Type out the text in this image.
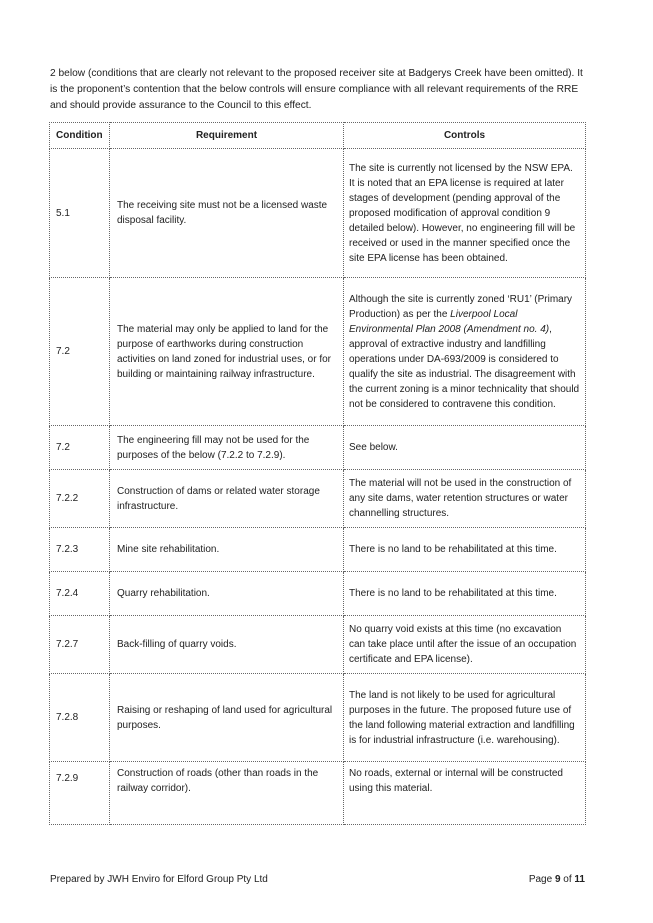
2 below (conditions that are clearly not relevant to the proposed receiver site at Badgerys Creek have been omitted). It is the proponent’s contention that the below controls will ensure compliance with all relevant requirements of the RRE and should provide assurance to the Council to this effect.

Condition	Requirement	Controls
5.1	The receiving site must not be a licensed waste disposal facility.	The site is currently not licensed by the NSW EPA. It is noted that an EPA license is required at later stages of development (pending approval of the proposed modification of approval condition 9 detailed below). However, no engineering fill will be received or used in the manner specified once the site EPA license has been obtained.
7.2	The material may only be applied to land for the purpose of earthworks during construction activities on land zoned for industrial uses, or for building or maintaining railway infrastructure.	Although the site is currently zoned ‘RU1’ (Primary Production) as per the Liverpool Local Environmental Plan 2008 (Amendment no. 4), approval of extractive industry and landfilling operations under DA-693/2009 is considered to qualify the site as industrial. The disagreement with the current zoning is a minor technicality that should not be considered to contravene this condition.
7.2	The engineering fill may not be used for the purposes of the below (7.2.2 to 7.2.9).	See below.
7.2.2	Construction of dams or related water storage infrastructure.	The material will not be used in the construction of any site dams, water retention structures or water channelling structures.
7.2.3	Mine site rehabilitation.	There is no land to be rehabilitated at this time.
7.2.4	Quarry rehabilitation.	There is no land to be rehabilitated at this time.
7.2.7	Back-filling of quarry voids.	No quarry void exists at this time (no excavation can take place until after the issue of an occupation certificate and EPA license).
7.2.8	Raising or reshaping of land used for agricultural purposes.	The land is not likely to be used for agricultural purposes in the future. The proposed future use of the land following material extraction and landfilling is for industrial infrastructure (i.e. warehousing).
7.2.9	Construction of roads (other than roads in the railway corridor).	No roads, external or internal will be constructed using this material.
Prepared by JWH Enviro for Elford Group Pty Ltd	Page 9 of 11
